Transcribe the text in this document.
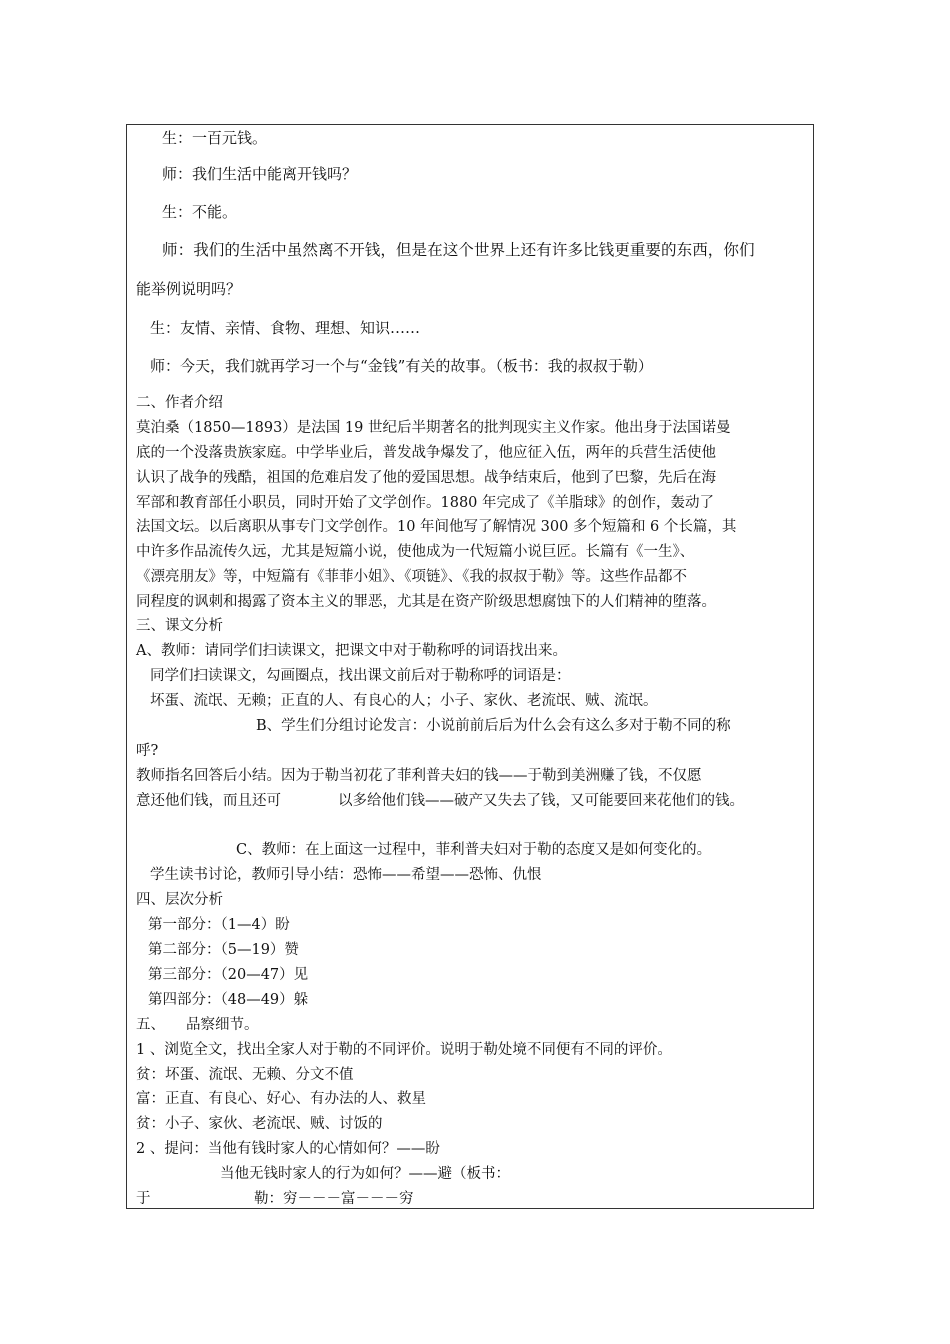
生：一百元钱。
师：我们生活中能离开钱吗？
生：不能。
师：我们的生活中虽然离不开钱，但是在这个世界上还有许多比钱更重要的东西，你们
能举例说明吗？
生：友情、亲情、食物、理想、知识……
师：今天，我们就再学习一个与“金钱”有关的故事。（板书：我的叔叔于勒）
二、作者介绍
莫泊桑（1850—1893）是法国 19 世纪后半期著名的批判现实主义作家。他出身于法国诺曼
底的一个没落贵族家庭。中学毕业后，普发战争爆发了，他应征入伍，两年的兵营生活使他
认识了战争的残酷，祖国的危难启发了他的爱国思想。战争结束后，他到了巴黎，先后在海
军部和教育部任小职员，同时开始了文学创作。1880 年完成了《羊脂球》的创作，轰动了
法国文坛。以后离职从事专门文学创作。10 年间他写了解情况 300 多个短篇和 6 个长篇，其
中许多作品流传久远，尤其是短篇小说，使他成为一代短篇小说巨匠。长篇有《一生》、
《漂亮朋友》等，中短篇有《菲菲小姐》、《项链》、《我的叔叔于勒》等。这些作品都不
同程度的讽刺和揭露了资本主义的罪恶，尤其是在资产阶级思想腐蚀下的人们精神的堕落。
三、课文分析
A、教师：请同学们扫读课文，把课文中对于勒称呼的词语找出来。
同学们扫读课文，勾画圈点，找出课文前后对于勒称呼的词语是：
坏蛋、流氓、无赖；正直的人、有良心的人；小子、家伙、老流氓、贼、流氓。
B、学生们分组讨论发言：小说前前后后为什么会有这么多对于勒不同的称
呼?
教师指名回答后小结。因为于勒当初花了菲利普夫妇的钱——于勒到美洲赚了钱，不仅愿
意还他们钱，而且还可	以多给他们钱——破产又失去了钱，又可能要回来花他们的钱。
C、教师：在上面这一过程中，菲利普夫妇对于勒的态度又是如何变化的。
学生读书讨论，教师引导小结：恐怖——希望——恐怖、仇恨
四、层次分析
第一部分：（1—4）盼
第二部分：（5—19）赞
第三部分：（20—47）见
第四部分：（48—49）躲
五、 品察细节。
1 、浏览全文，找出全家人对于勒的不同评价。说明于勒处境不同便有不同的评价。
贫：坏蛋、流氓、无赖、分文不值
富：正直、有良心、好心、有办法的人、救星
贫：小子、家伙、老流氓、贼、讨饭的
2 、提问：当他有钱时家人的心情如何？——盼
当他无钱时家人的行为如何？——避（板书：
于	勒：穷－－－富－－－穷
